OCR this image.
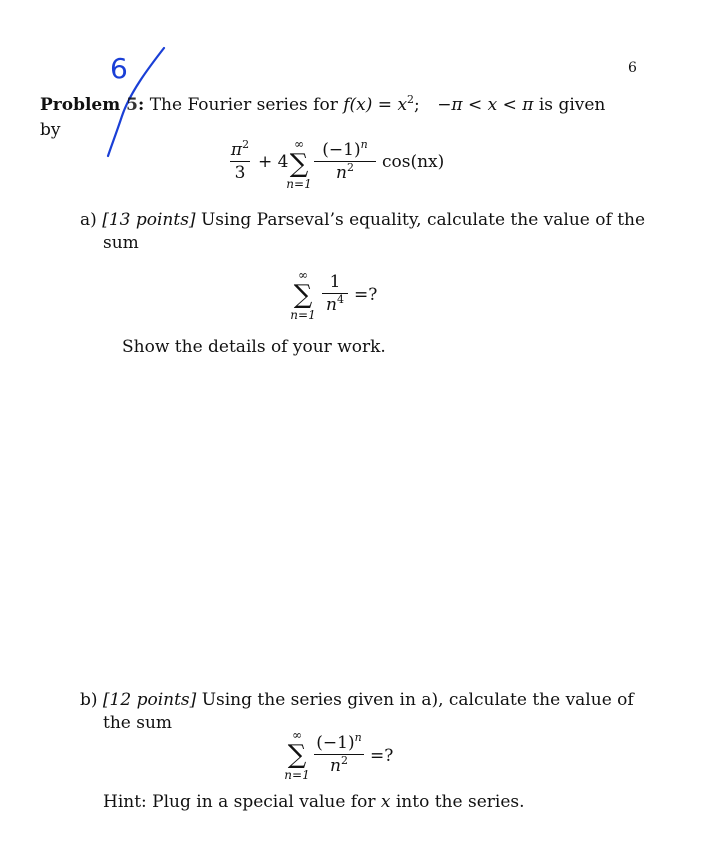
6
6
Problem 5: The Fourier series for $f(x) = x^2$; −π < x < π is given
by
$\pi^2$
3
+ 4
∞
∑
n=1
$(-1)^n$
$n^2$	cos(nx)
a) [13 points] Using Parseval’s equality, calculate the value of the
sum
∞
∑
n=1
1
$n^4$ =?
Show the details of your work.
b) [12 points] Using the series given in a), calculate the value of
the sum
∞
∑
n=1
$(-1)^n$
$n^2$	=?
Hint: Plug in a special value for x into the series.
